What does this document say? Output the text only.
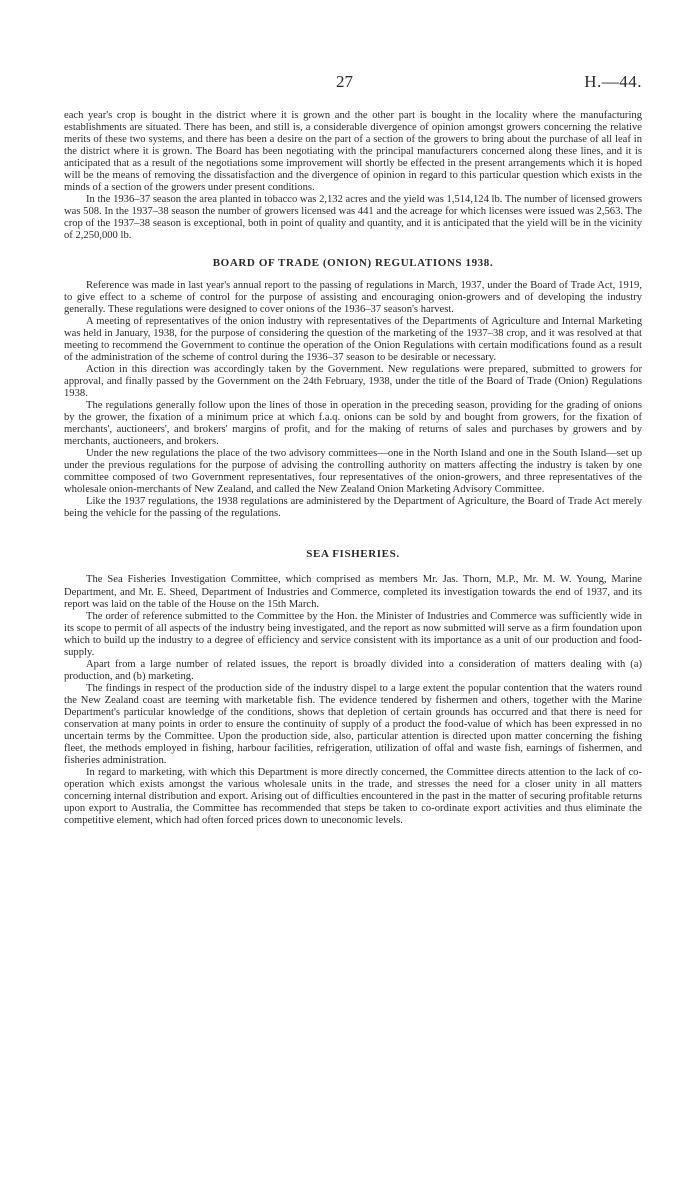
27	H.—44.

each year's crop is bought in the district where it is grown and the other part is bought in the locality where the manufacturing establishments are situated. There has been, and still is, a considerable divergence of opinion amongst growers concerning the relative merits of these two systems, and there has been a desire on the part of a section of the growers to bring about the purchase of all leaf in the district where it is grown. The Board has been negotiating with the principal manufacturers concerned along these lines, and it is anticipated that as a result of the negotiations some improvement will shortly be effected in the present arrangements which it is hoped will be the means of removing the dissatisfaction and the divergence of opinion in regard to this particular question which exists in the minds of a section of the growers under present conditions.

In the 1936–37 season the area planted in tobacco was 2,132 acres and the yield was 1,514,124 lb. The number of licensed growers was 508. In the 1937–38 season the number of growers licensed was 441 and the acreage for which licenses were issued was 2,563. The crop of the 1937–38 season is exceptional, both in point of quality and quantity, and it is anticipated that the yield will be in the vicinity of 2,250,000 lb.

BOARD OF TRADE (ONION) REGULATIONS 1938.

Reference was made in last year's annual report to the passing of regulations in March, 1937, under the Board of Trade Act, 1919, to give effect to a scheme of control for the purpose of assisting and encouraging onion-growers and of developing the industry generally. These regulations were designed to cover onions of the 1936–37 season's harvest.

A meeting of representatives of the onion industry with representatives of the Departments of Agriculture and Internal Marketing was held in January, 1938, for the purpose of considering the question of the marketing of the 1937–38 crop, and it was resolved at that meeting to recommend the Government to continue the operation of the Onion Regulations with certain modifications found as a result of the administration of the scheme of control during the 1936–37 season to be desirable or necessary.

Action in this direction was accordingly taken by the Government. New regulations were prepared, submitted to growers for approval, and finally passed by the Government on the 24th February, 1938, under the title of the Board of Trade (Onion) Regulations 1938.

The regulations generally follow upon the lines of those in operation in the preceding season, providing for the grading of onions by the grower, the fixation of a minimum price at which f.a.q. onions can be sold by and bought from growers, for the fixation of merchants', auctioneers', and brokers' margins of profit, and for the making of returns of sales and purchases by growers and by merchants, auctioneers, and brokers.

Under the new regulations the place of the two advisory committees—one in the North Island and one in the South Island—set up under the previous regulations for the purpose of advising the controlling authority on matters affecting the industry is taken by one committee composed of two Government representatives, four representatives of the onion-growers, and three representatives of the wholesale onion-merchants of New Zealand, and called the New Zealand Onion Marketing Advisory Committee.

Like the 1937 regulations, the 1938 regulations are administered by the Department of Agriculture, the Board of Trade Act merely being the vehicle for the passing of the regulations.

SEA FISHERIES.

The Sea Fisheries Investigation Committee, which comprised as members Mr. Jas. Thorn, M.P., Mr. M. W. Young, Marine Department, and Mr. E. Sheed, Department of Industries and Commerce, completed its investigation towards the end of 1937, and its report was laid on the table of the House on the 15th March.

The order of reference submitted to the Committee by the Hon. the Minister of Industries and Commerce was sufficiently wide in its scope to permit of all aspects of the industry being investigated, and the report as now submitted will serve as a firm foundation upon which to build up the industry to a degree of efficiency and service consistent with its importance as a unit of our production and food-supply.

Apart from a large number of related issues, the report is broadly divided into a consideration of matters dealing with (a) production, and (b) marketing.

The findings in respect of the production side of the industry dispel to a large extent the popular contention that the waters round the New Zealand coast are teeming with marketable fish. The evidence tendered by fishermen and others, together with the Marine Department's particular knowledge of the conditions, shows that depletion of certain grounds has occurred and that there is need for conservation at many points in order to ensure the continuity of supply of a product the food-value of which has been expressed in no uncertain terms by the Committee. Upon the production side, also, particular attention is directed upon matter concerning the fishing fleet, the methods employed in fishing, harbour facilities, refrigeration, utilization of offal and waste fish, earnings of fishermen, and fisheries administration.

In regard to marketing, with which this Department is more directly concerned, the Committee directs attention to the lack of co-operation which exists amongst the various wholesale units in the trade, and stresses the need for a closer unity in all matters concerning internal distribution and export. Arising out of difficulties encountered in the past in the matter of securing profitable returns upon export to Australia, the Committee has recommended that steps be taken to co-ordinate export activities and thus eliminate the competitive element, which had often forced prices down to uneconomic levels.
